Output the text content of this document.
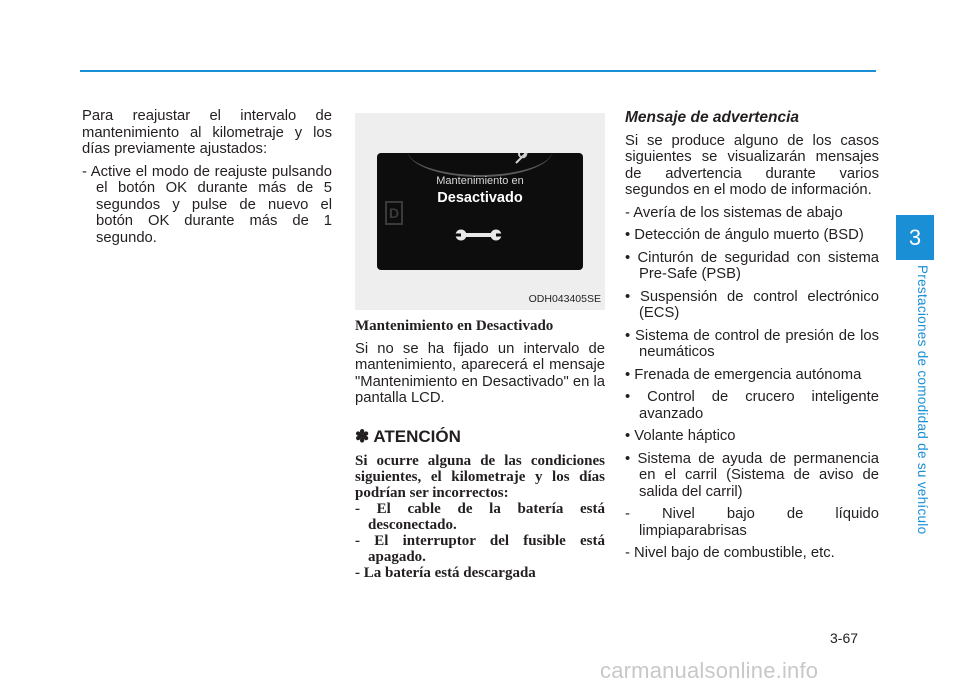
3
Prestaciones de comodidad de su vehículo

Para reajustar el intervalo de mantenimiento al kilometraje y los días previamente ajustados:

- Active el modo de reajuste pulsando el botón OK durante más de 5 segundos y pulse de nuevo el botón OK durante más de 1 segundo.

D
Mantenimiento en
Desactivado
ODH043405SE
Mantenimiento en Desactivado

Si no se ha fijado un intervalo de mantenimiento, aparecerá el mensaje "Mantenimiento en Desactivado" en la pantalla LCD.

✽ ATENCIÓN
Si ocurre alguna de las condiciones siguientes, el kilometraje y los días podrían ser incorrectos:
- El cable de la batería está desconectado.
- El interruptor del fusible está apagado.
- La batería está descargada
Mensaje de advertencia

Si se produce alguno de los casos siguientes se visualizarán mensajes de advertencia durante varios segundos en el modo de información.

- Avería de los sistemas de abajo

• Detección de ángulo muerto (BSD)

• Cinturón de seguridad con sistema Pre-Safe (PSB)

• Suspensión de control electrónico (ECS)

• Sistema de control de presión de los neumáticos

• Frenada de emergencia autónoma

• Control de crucero inteligente avanzado

• Volante háptico

• Sistema de ayuda de permanencia en el carril (Sistema de aviso de salida del carril)

- Nivel bajo de líquido limpiaparabrisas

- Nivel bajo de combustible, etc.

3-67
carmanualsonline.info
